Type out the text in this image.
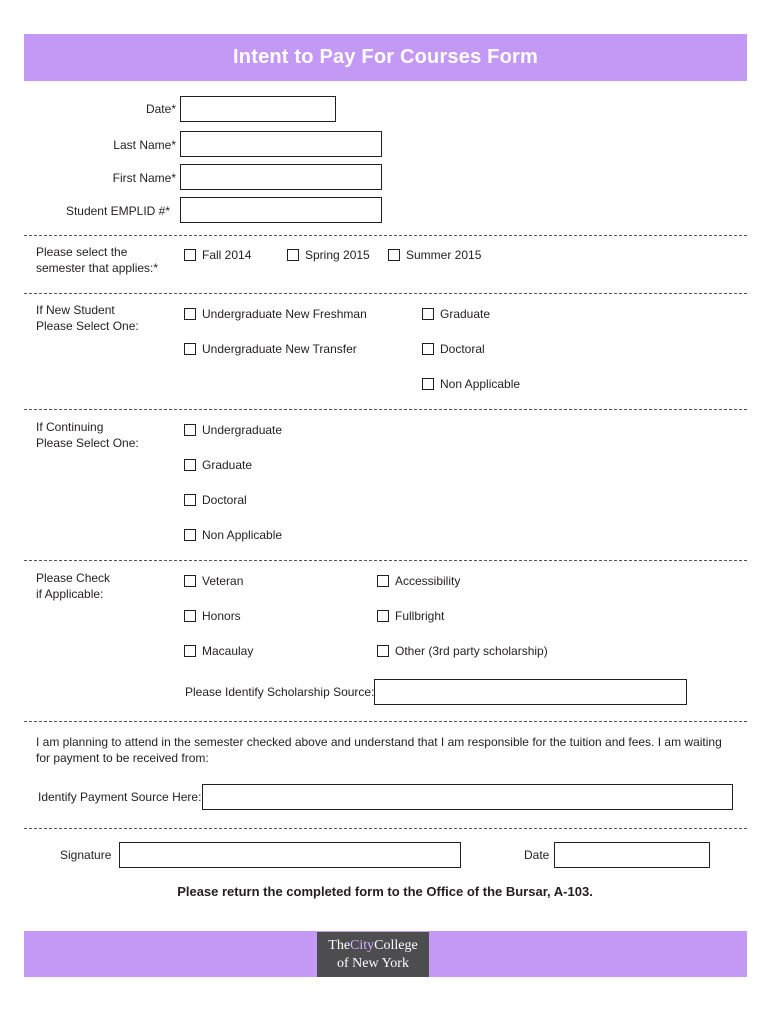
Intent to Pay For Courses Form
Date*
Last Name*
First Name*
Student EMPLID #*
Please select the
semester that applies:*
Fall 2014	Spring 2015	Summer 2015
If New Student
Please Select One:
Undergraduate New Freshman	Graduate
Undergraduate New Transfer	Doctoral
Non Applicable
If Continuing
Please Select One:
Undergraduate
Graduate
Doctoral
Non Applicable
Please Check
if Applicable:
Veteran	Accessibility
Honors	Fullbright
Macaulay	Other (3rd party scholarship)
Please Identify Scholarship Source:
I am planning to attend in the semester checked above and understand that I am responsible for the tuition and fees. I am waiting
for payment to be received from:
Identify Payment Source Here:
Signature	Date
Please return the completed form to the Office of the Bursar, A-103.
TheCityCollege
of New York
